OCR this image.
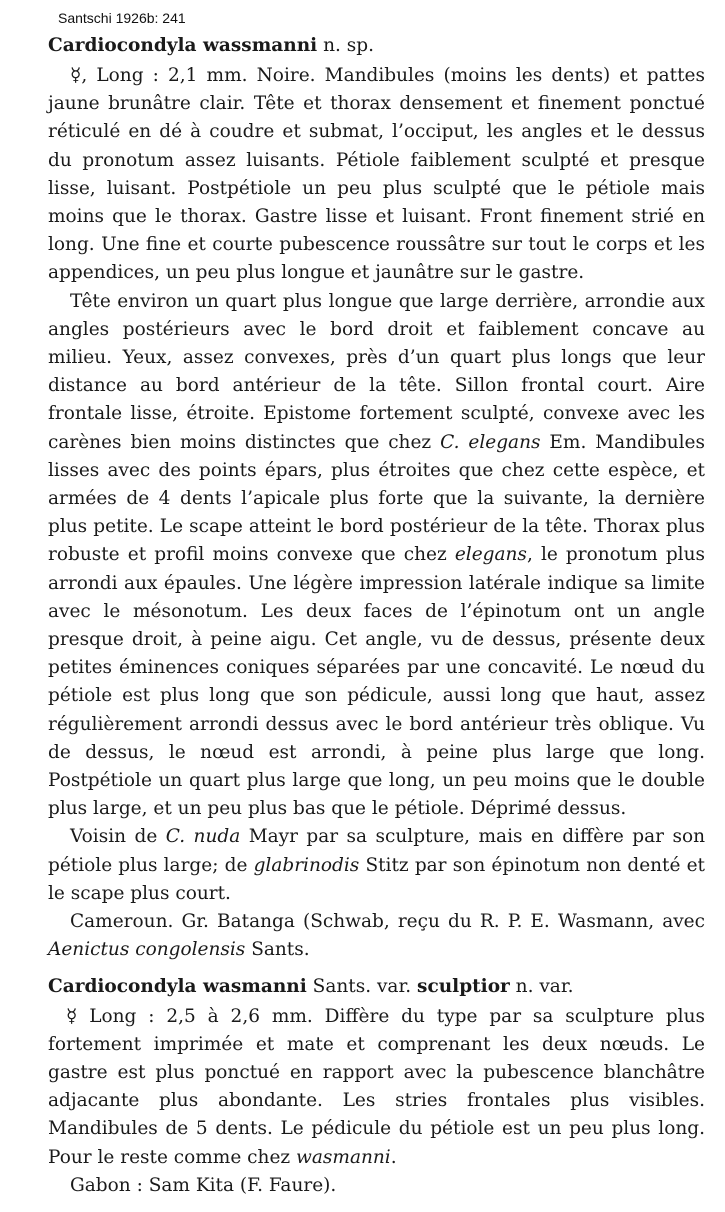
Santschi 1926b: 241
Cardiocondyla wassmanni n. sp.

☿, Long : 2,1 mm. Noire. Mandibules (moins les dents) et pattes jaune brunâtre clair. Tête et thorax densement et finement ponctué réticulé en dé à coudre et submat, l’occiput, les angles et le dessus du pronotum assez luisants. Pétiole faiblement sculpté et presque lisse, luisant. Postpétiole un peu plus sculpté que le pétiole mais moins que le thorax. Gastre lisse et luisant. Front finement strié en long. Une fine et courte pubescence roussâtre sur tout le corps et les appendices, un peu plus longue et jaunâtre sur le gastre.

Tête environ un quart plus longue que large derrière, arrondie aux angles postérieurs avec le bord droit et faiblement concave au milieu. Yeux, assez convexes, près d’un quart plus longs que leur distance au bord antérieur de la tête. Sillon frontal court. Aire frontale lisse, étroite. Epistome fortement sculpté, convexe avec les carènes bien moins distinctes que chez C. elegans Em. Mandibules lisses avec des points épars, plus étroites que chez cette espèce, et armées de 4 dents l’apicale plus forte que la suivante, la dernière plus petite. Le scape atteint le bord postérieur de la tête. Thorax plus robuste et profil moins convexe que chez elegans, le pronotum plus arrondi aux épaules. Une légère impression latérale indique sa limite avec le mésonotum. Les deux faces de l’épinotum ont un angle presque droit, à peine aigu. Cet angle, vu de dessus, présente deux petites éminences coniques séparées par une concavité. Le nœud du pétiole est plus long que son pédicule, aussi long que haut, assez régulièrement arrondi dessus avec le bord antérieur très oblique. Vu de dessus, le nœud est arrondi, à peine plus large que long. Postpétiole un quart plus large que long, un peu moins que le double plus large, et un peu plus bas que le pétiole. Déprimé dessus.

Voisin de C. nuda Mayr par sa sculpture, mais en diffère par son pétiole plus large; de glabrinodis Stitz par son épinotum non denté et le scape plus court.

Cameroun. Gr. Batanga (Schwab, reçu du R. P. E. Wasmann, avec Aenictus congolensis Sants.

Cardiocondyla wasmanni Sants. var. sculptior n. var.

☿ Long : 2,5 à 2,6 mm. Diffère du type par sa sculpture plus fortement imprimée et mate et comprenant les deux nœuds. Le gastre est plus ponctué en rapport avec la pubescence blanchâtre adjacante plus abondante. Les stries frontales plus visibles. Mandibules de 5 dents. Le pédicule du pétiole est un peu plus long. Pour le reste comme chez wasmanni.

Gabon : Sam Kita (F. Faure).
